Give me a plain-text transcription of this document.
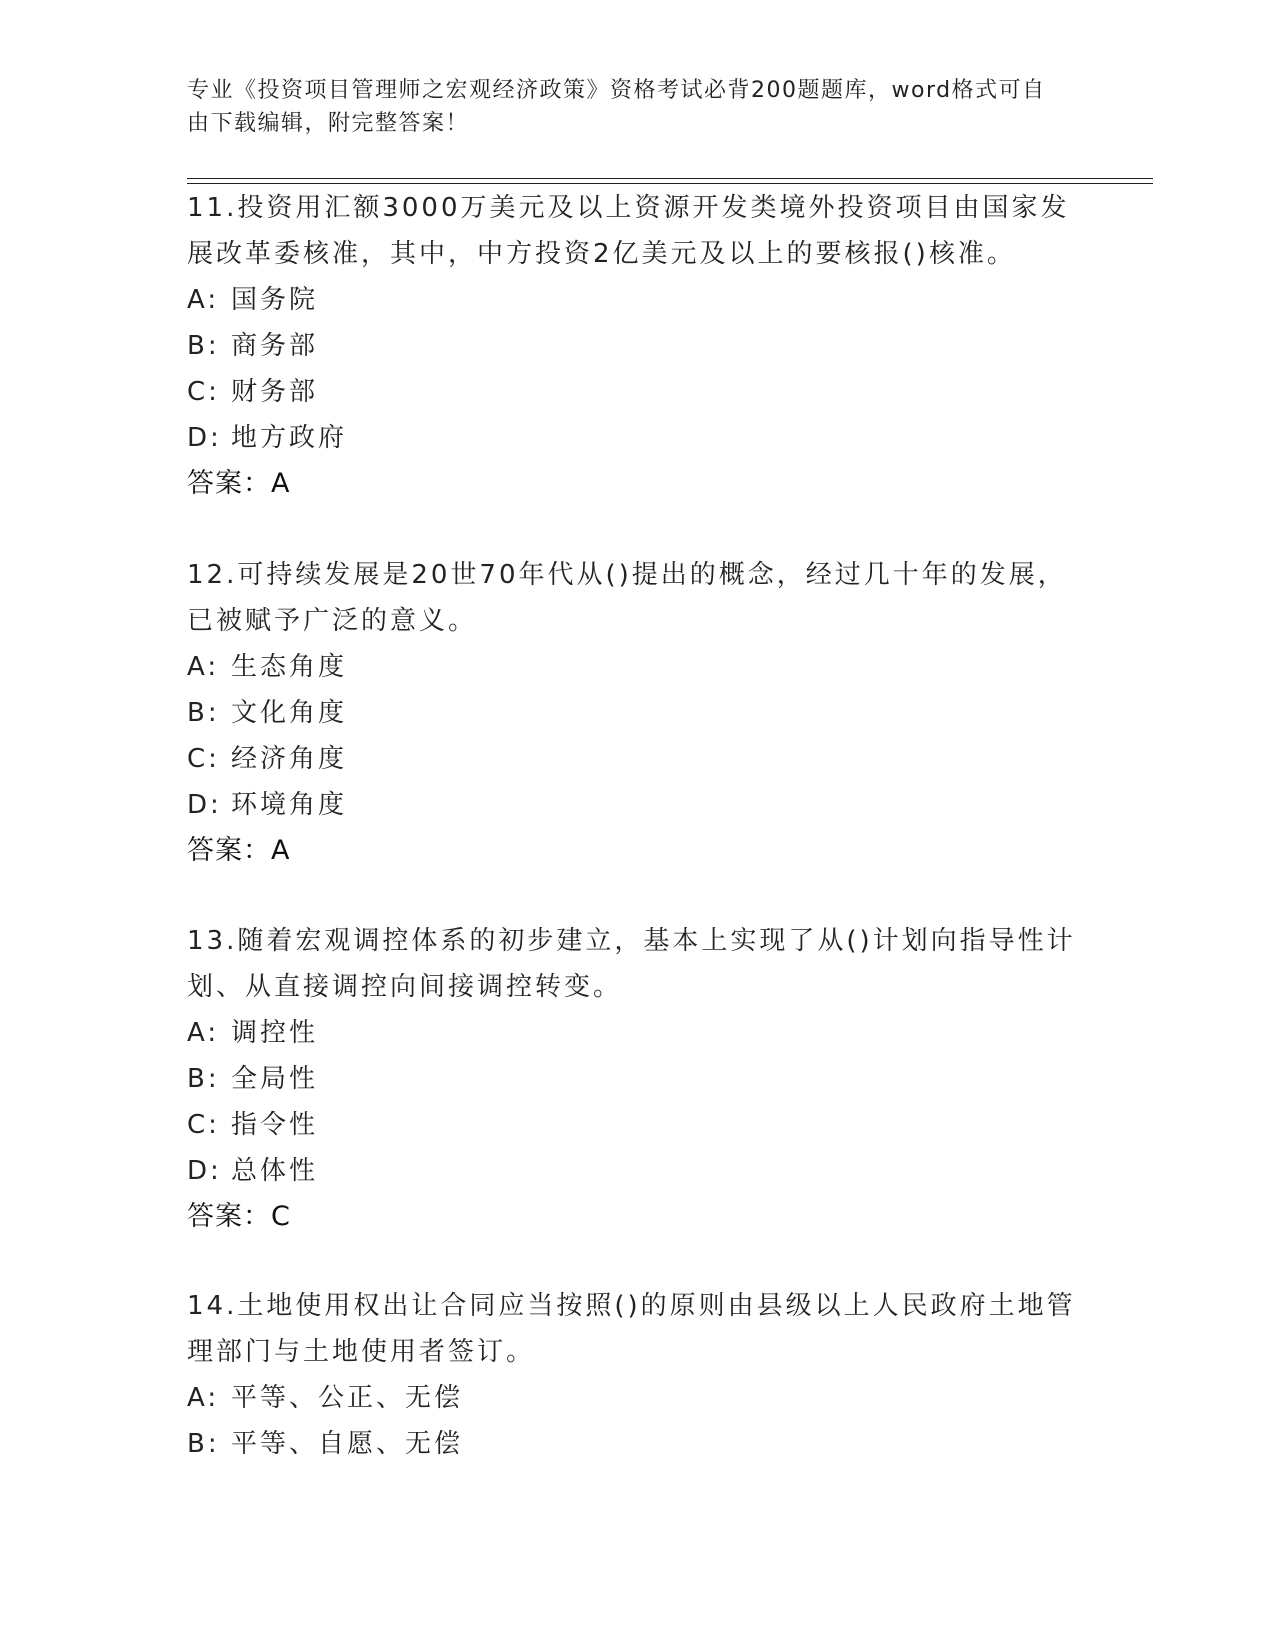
专业《投资项目管理师之宏观经济政策》资格考试必背200题题库，word格式可自由下载编辑，附完整答案！

11.投资用汇额3000万美元及以上资源开发类境外投资项目由国家发展改革委核准，其中，中方投资2亿美元及以上的要核报()核准。

A: 国务院

B: 商务部

C: 财务部

D: 地方政府

答案：A

12.可持续发展是20世70年代从()提出的概念，经过几十年的发展，已被赋予广泛的意义。

A: 生态角度

B: 文化角度

C: 经济角度

D: 环境角度

答案：A

13.随着宏观调控体系的初步建立，基本上实现了从()计划向指导性计划、从直接调控向间接调控转变。

A: 调控性

B: 全局性

C: 指令性

D: 总体性

答案：C

14.土地使用权出让合同应当按照()的原则由县级以上人民政府土地管理部门与土地使用者签订。

A: 平等、公正、无偿

B: 平等、自愿、无偿
